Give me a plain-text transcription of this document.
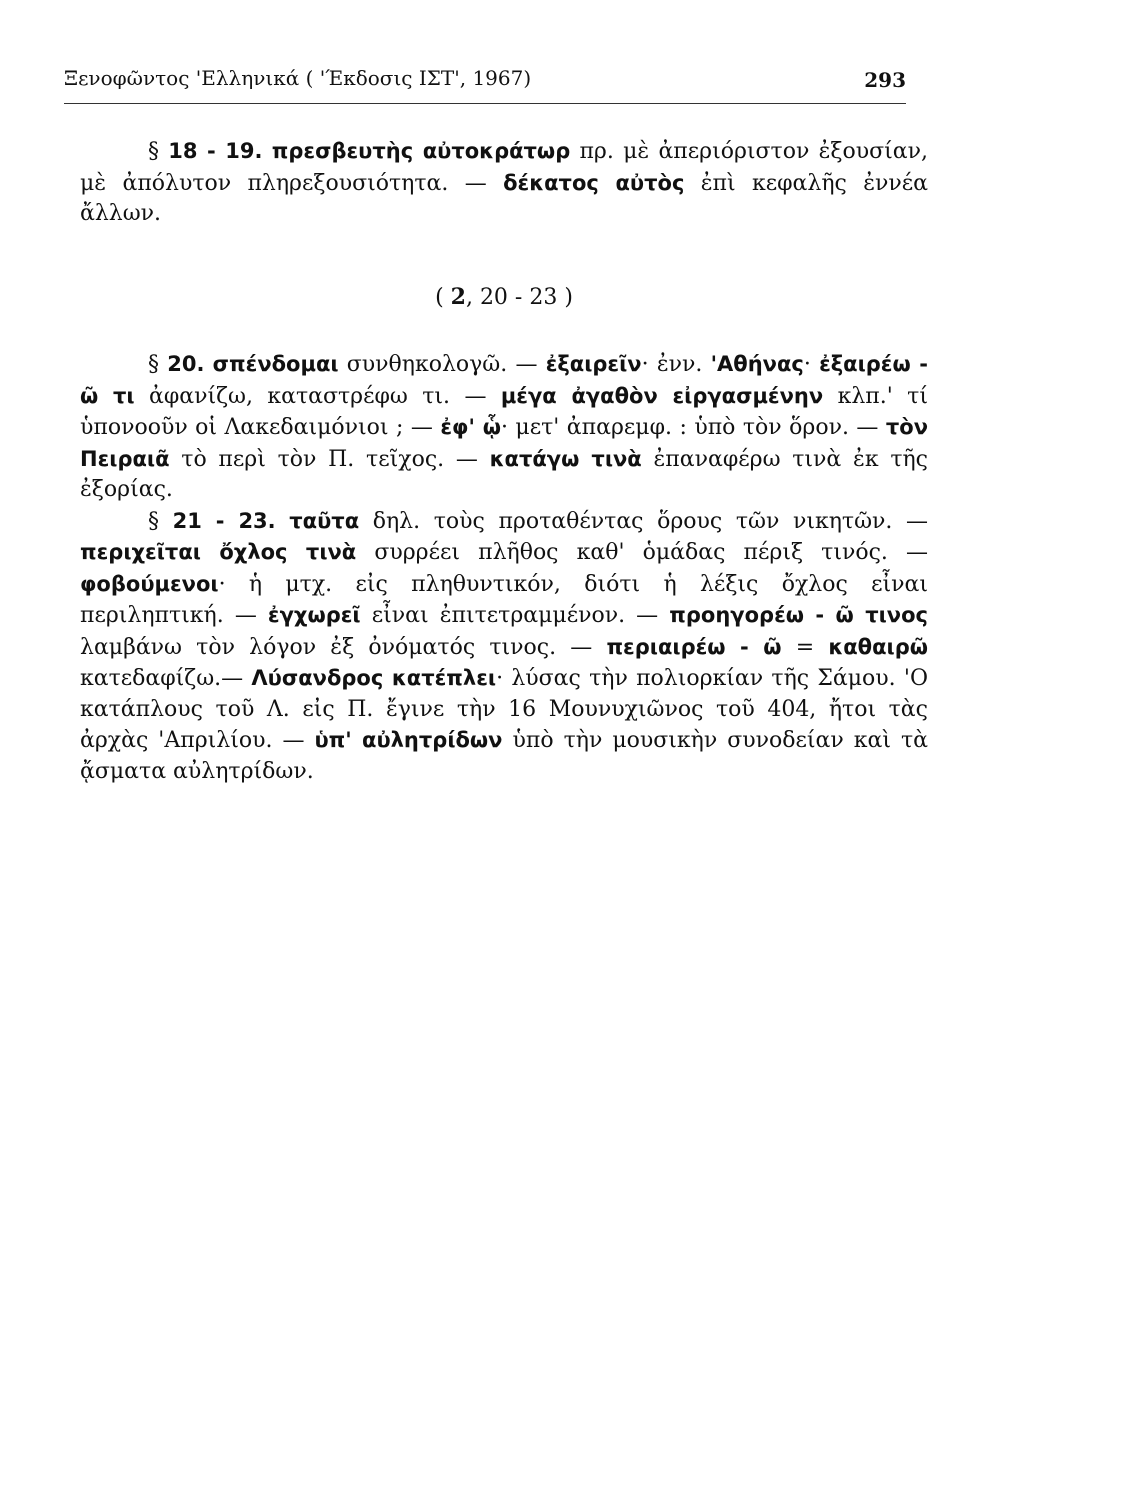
Ξενοφῶντος 'Ελληνικά ( 'Έκδοσις ΙΣΤ', 1967)	293

§ 18 - 19. πρεσβευτὴς αὐτοκράτωρ πρ. μὲ ἀπεριόριστον ἐξουσίαν, μὲ ἀπόλυτον πληρεξουσιότητα. — δέκατος αὐτὸς ἐπὶ κεφαλῆς ἐννέα ἄλλων.

( 2, 20 - 23 )

§ 20. σπένδομαι συνθηκολογῶ. — ἐξαιρεῖν· ἐνν. 'Αθήνας· ἐξαιρέω - ῶ τι ἀφανίζω, καταστρέφω τι. — μέγα ἀγαθὸν εἰργασμένην κλπ.' τί ὑπονοοῦν οἱ Λακεδαιμόνιοι ; — ἐφ' ᾧ· μετ' ἀπαρεμφ. : ὑπὸ τὸν ὅρον. — τὸν Πειραιᾶ τὸ περὶ τὸν Π. τεῖχος. — κατάγω τινὰ ἐπαναφέρω τινὰ ἐκ τῆς ἐξορίας.

§ 21 - 23. ταῦτα δηλ. τοὺς προταθέντας ὅρους τῶν νικητῶν. — περιχεῖται ὄχλος τινὰ συρρέει πλῆθος καθ' ὁμάδας πέριξ τινός. — φοβούμενοι· ἡ μτχ. εἰς πληθυντικόν, διότι ἡ λέξις ὄχλος εἶναι περιληπτική. — ἐγχωρεῖ εἶναι ἐπιτετραμμένον. — προηγορέω - ῶ τινος λαμβάνω τὸν λόγον ἐξ ὀνόματός τινος. — περιαιρέω - ῶ = καθαιρῶ κατεδαφίζω.— Λύσανδρος κατέπλει· λύσας τὴν πολιορκίαν τῆς Σάμου. 'Ο κατάπλους τοῦ Λ. εἰς Π. ἔγινε τὴν 16 Μουνυχιῶνος τοῦ 404, ἤτοι τὰς ἀρχὰς 'Απριλίου. — ὑπ' αὐλητρίδων ὑπὸ τὴν μουσικὴν συνοδείαν καὶ τὰ ᾄσματα αὐλητρίδων.
